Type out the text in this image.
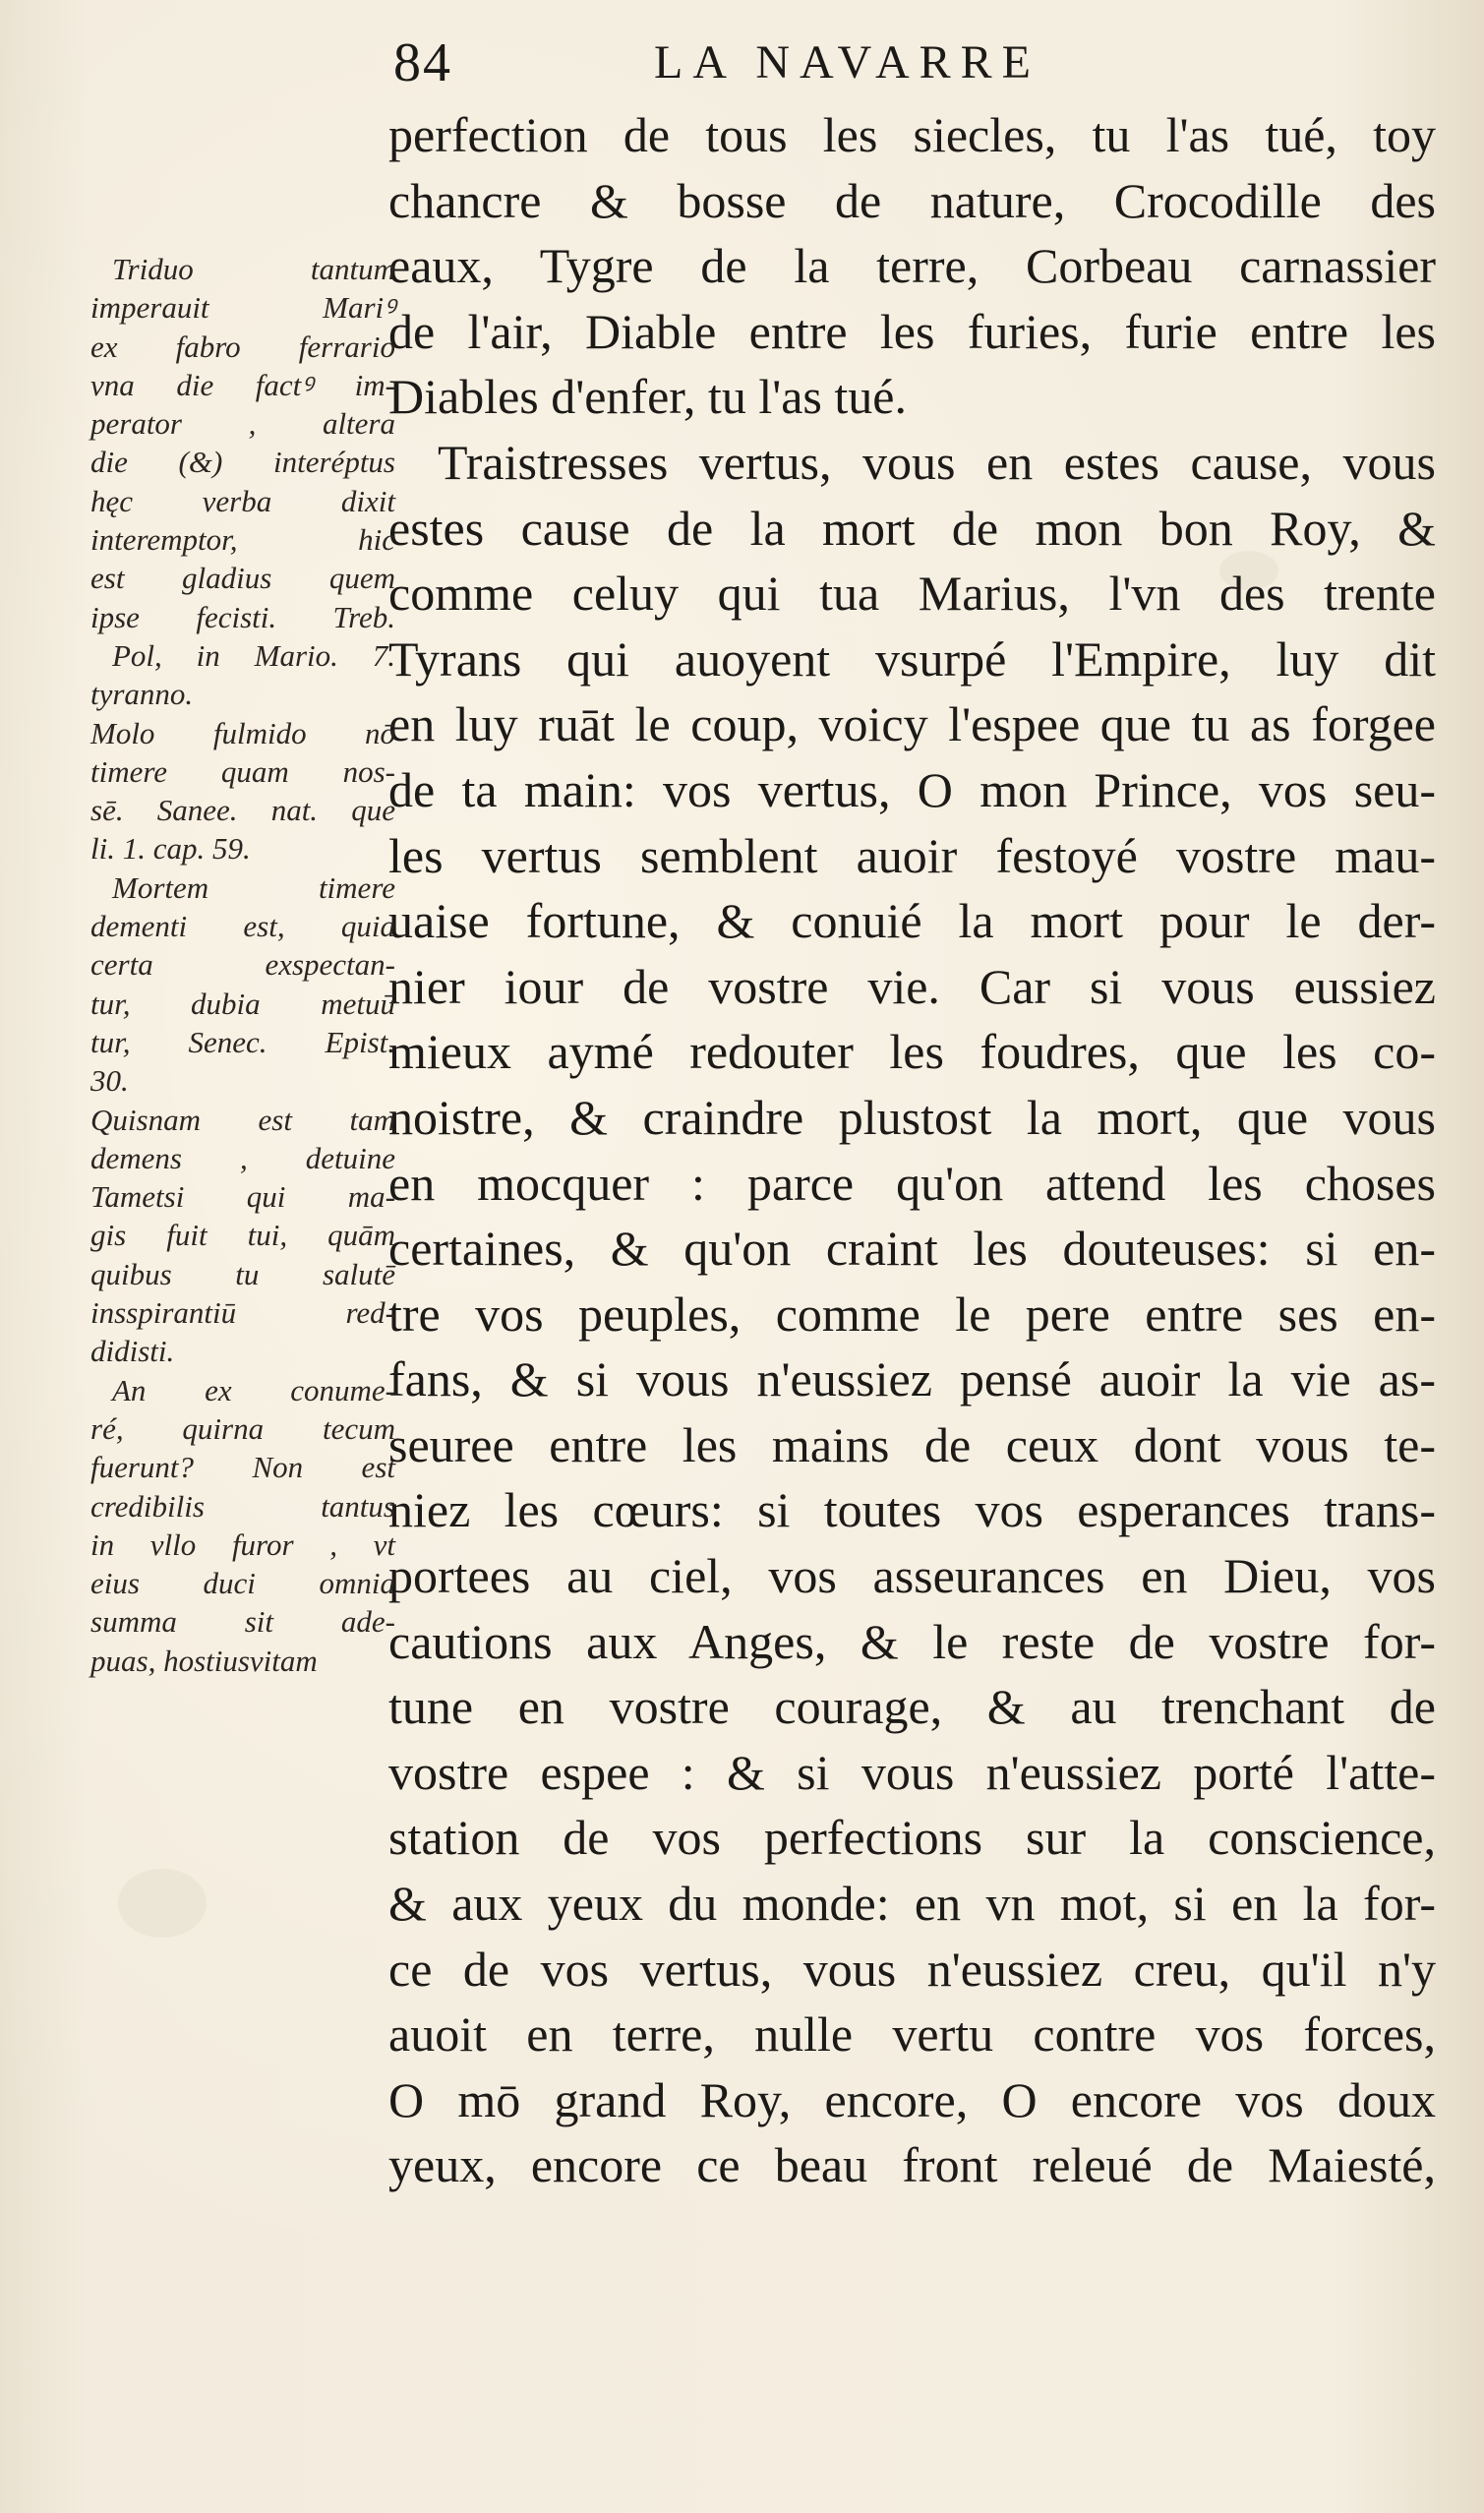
84	LA NAVARRE
perfection de tous les siecles, tu l'as tué, toy
chancre & bosse de nature, Crocodille des
eaux, Tygre de la terre, Corbeau carnassier
de l'air, Diable entre les furies, furie entre les
Diables d'enfer, tu l'as tué.
Traistresses vertus, vous en estes cause, vous
estes cause de la mort de mon bon Roy, &
comme celuy qui tua Marius, l'vn des trente
Tyrans qui auoyent vsurpé l'Empire, luy dit
en luy ruāt le coup, voicy l'espee que tu as forgee
de ta main: vos vertus, O mon Prince, vos seu-
les vertus semblent auoir festoyé vostre mau-
uaise fortune, & conuié la mort pour le der-
nier iour de vostre vie. Car si vous eussiez
mieux aymé redouter les foudres, que les co-
noistre, & craindre plustost la mort, que vous
en mocquer : parce qu'on attend les choses
certaines, & qu'on craint les douteuses: si en-
tre vos peuples, comme le pere entre ses en-
fans, & si vous n'eussiez pensé auoir la vie as-
seuree entre les mains de ceux dont vous te-
niez les cœurs: si toutes vos esperances trans-
portees au ciel, vos asseurances en Dieu, vos
cautions aux Anges, & le reste de vostre for-
tune en vostre courage, & au trenchant de
vostre espee : & si vous n'eussiez porté l'atte-
station de vos perfections sur la conscience,
& aux yeux du monde: en vn mot, si en la for-
ce de vos vertus, vous n'eussiez creu, qu'il n'y
auoit en terre, nulle vertu contre vos forces,
O mō grand Roy, encore, O encore vos doux
yeux, encore ce beau front releué de Maiesté,
Triduo tantum
imperauit Mariꝰ
ex fabro ferrario
vna die factꝰ im-
perator , altera
die (&) interéptus
hęc verba dixit
interemptor, hic
est gladius quem
ipse fecisti. Treb.
Pol, in Mario. 7.
tyranno.
Molo fulmido nō
timere quam nos-
sē. Sanee. nat. que
li. 1. cap. 59.
Mortem timere
dementi est, quia
certa exspectan-
tur, dubia metuū
tur, Senec. Epist.
30.
Quisnam est tam
demens , detuine
Tametsi qui ma-
gis fuit tui, quām
quibus tu salutē
insspirantiū red-
didisti.
An ex conume-
ré, quirna tecum
fuerunt? Non est
credibilis tantus
in vllo furor , vt
eius duci omnia
summa sit ade-
puas, hostiusvitam
